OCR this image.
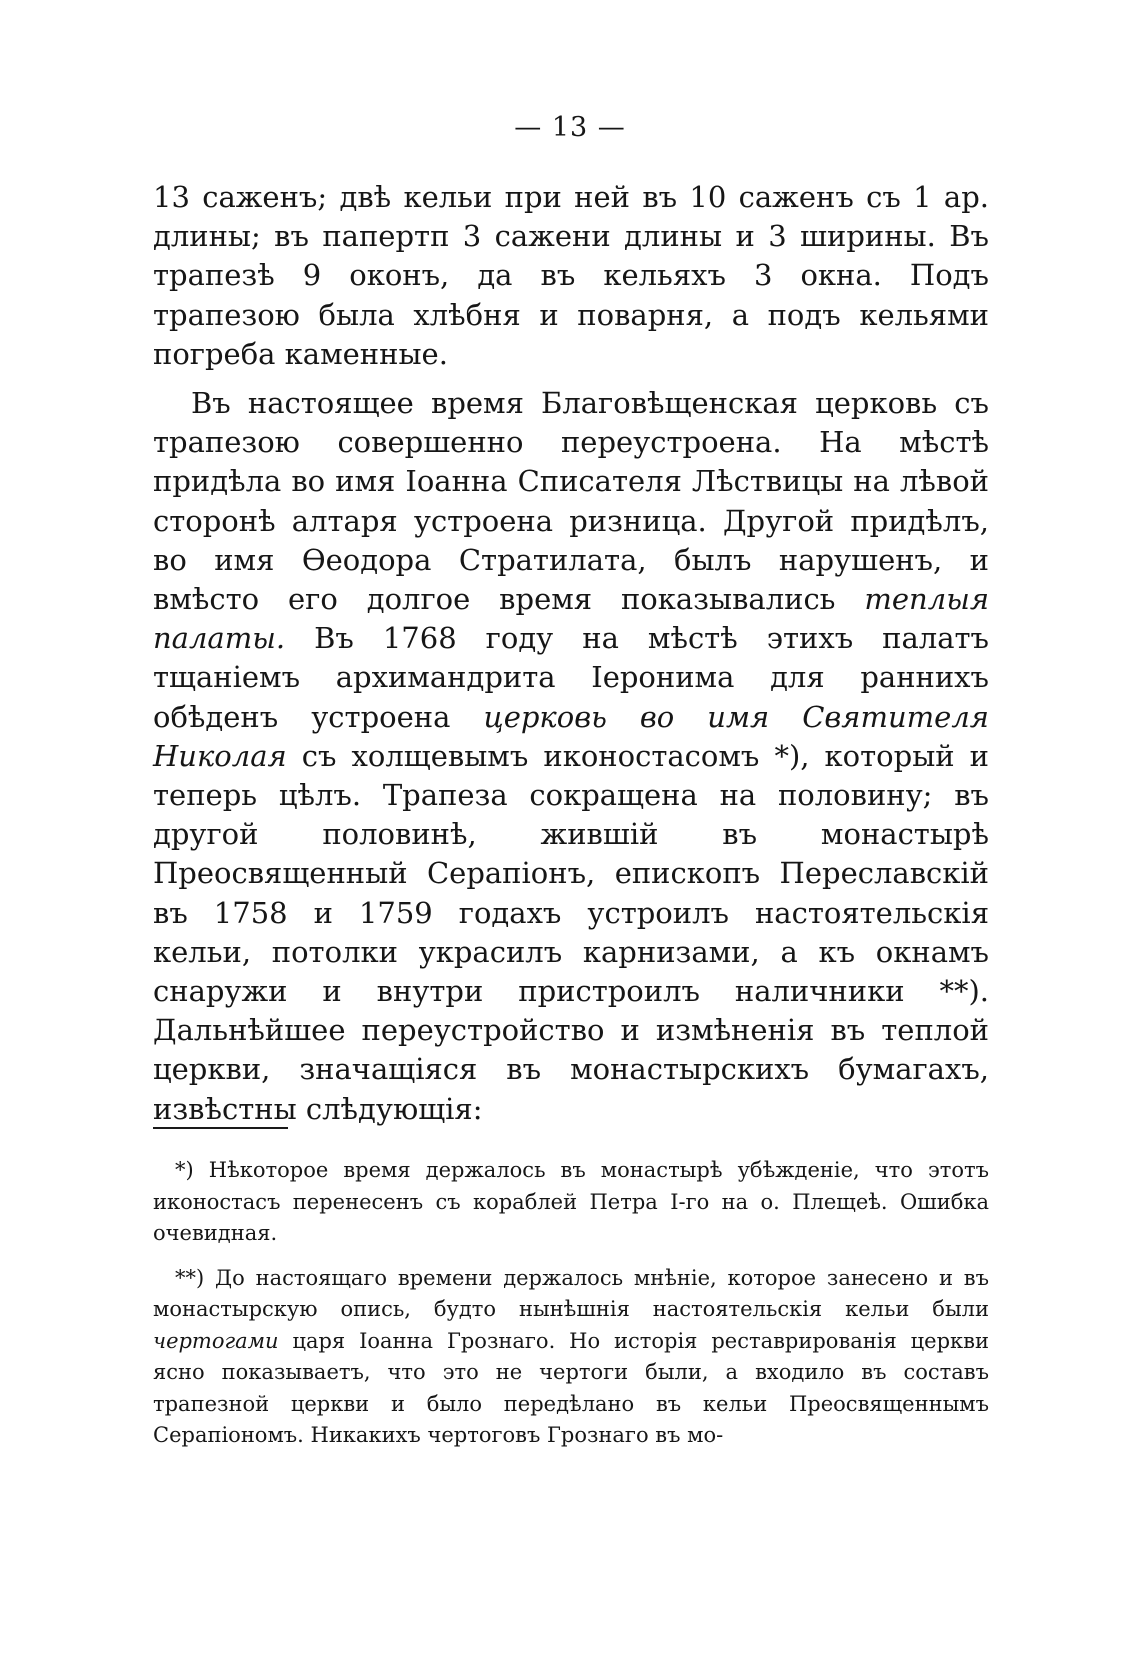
— 13 —

13 саженъ; двѣ кельи при ней въ 10 саженъ съ 1 ар. длины; въ папертп 3 сажени длины и 3 ширины. Въ трапезѣ 9 оконъ, да въ кельяхъ 3 окна. Подъ трапезою была хлѣбня и поварня, а подъ кельями погреба каменные.

Въ настоящее время Благовѣщенская церковь съ трапезою совершенно переустроена. На мѣстѣ придѣла во имя Іоанна Списателя Лѣствицы на лѣвой сторонѣ алтаря устроена ризница. Другой придѣлъ, во имя Ѳеодора Стратилата, былъ нарушенъ, и вмѣсто его долгое время показывались теплыя палаты. Въ 1768 году на мѣстѣ этихъ палатъ тщаніемъ архимандрита Іеронима для раннихъ обѣденъ устроена церковь во имя Святителя Николая съ холщевымъ иконостасомъ *), который и теперь цѣлъ. Трапеза сокращена на половину; въ другой половинѣ, жившій въ монастырѣ Преосвященный Серапіонъ, епископъ Переславскій въ 1758 и 1759 годахъ устроилъ настоятельскія кельи, потолки украсилъ карнизами, а къ окнамъ снаружи и внутри пристроилъ наличники **). Дальнѣйшее переустройство и измѣненія въ теплой церкви, значащіяся въ монастырскихъ бумагахъ, извѣстны слѣдующія:

*) Нѣкоторое время держалось въ монастырѣ убѣжденіе, что этотъ иконостасъ перенесенъ съ кораблей Петра І-го на о. Плещеѣ. Ошибка очевидная.

**) До настоящаго времени держалось мнѣніе, которое занесено и въ монастырскую опись, будто нынѣшнія настоятельскія кельи были чертогами царя Іоанна Грознаго. Но исторія реставрированія церкви ясно показываетъ, что это не чертоги были, а входило въ составъ трапезной церкви и было передѣлано въ кельи Преосвященнымъ Серапіономъ. Никакихъ чертоговъ Грознаго въ мо-
